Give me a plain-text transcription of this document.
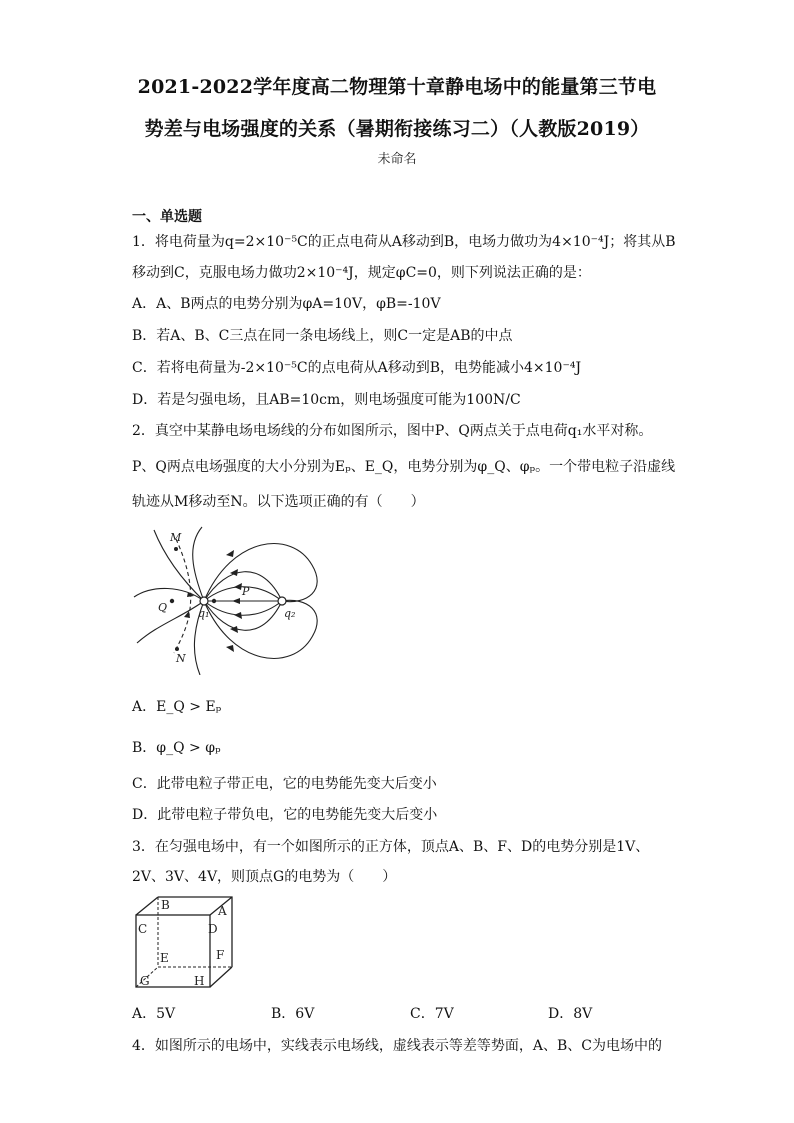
2021-2022学年度高二物理第十章静电场中的能量第三节电
势差与电场强度的关系（暑期衔接练习二）（人教版2019）
未命名
一、单选题
1．将电荷量为q=2×10⁻⁵C的正点电荷从A移动到B，电场力做功为4×10⁻⁴J；将其从B
移动到C，克服电场力做功2×10⁻⁴J，规定φC=0，则下列说法正确的是：
A．A、B两点的电势分别为φA=10V，φB=-10V
B．若A、B、C三点在同一条电场线上，则C一定是AB的中点
C．若将电荷量为-2×10⁻⁵C的点电荷从A移动到B，电势能减小4×10⁻⁴J
D．若是匀强电场，且AB=10cm，则电场强度可能为100N/C
2．真空中某静电场电场线的分布如图所示，图中P、Q两点关于点电荷q₁水平对称。
P、Q两点电场强度的大小分别为Eₚ、E_Q，电势分别为φ_Q、φₚ。一个带电粒子沿虚线
轨迹从M移动至N。以下选项正确的有（　　）
M
Q
P
N
q₁	q₂
A．E_Q > Eₚ
B．φ_Q > φₚ
C．此带电粒子带正电，它的电势能先变大后变小
D．此带电粒子带负电，它的电势能先变大后变小
3．在匀强电场中，有一个如图所示的正方体，顶点A、B、F、D的电势分别是1V、
2V、3V、4V，则顶点G的电势为（　　）
B	A
C	D
E	F
G	H
A．5V	B．6V	C．7V	D．8V
4．如图所示的电场中，实线表示电场线，虚线表示等差等势面，A、B、C为电场中的
